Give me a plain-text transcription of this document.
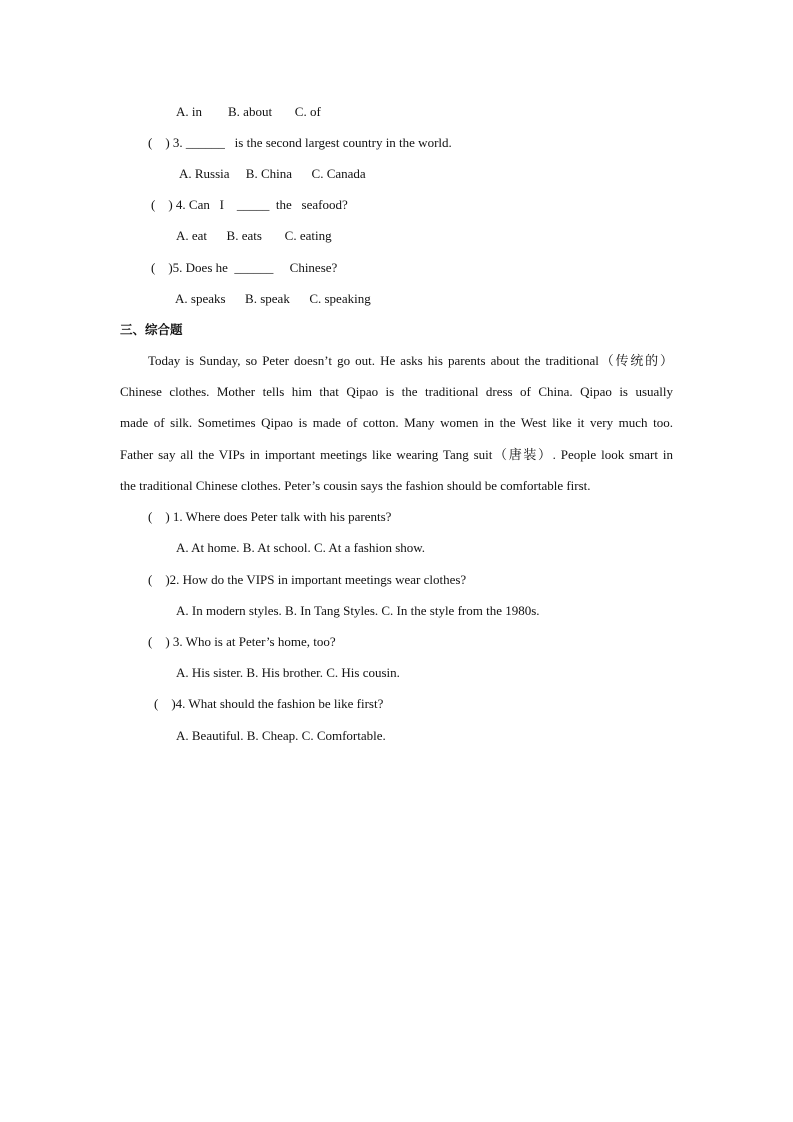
A. in        B. about       C. of
(    ) 3. ______   is the second largest country in the world.
A. Russia     B. China      C. Canada
(    ) 4. Can   I    _____  the   seafood?
A. eat      B. eats       C. eating
(    )5. Does he  ______     Chinese?
A. speaks      B. speak      C. speaking
三、综合题
Today is Sunday, so Peter doesn’t go out. He asks his parents about the traditional（传统的）
Chinese clothes. Mother tells him that Qipao is the traditional dress of China. Qipao is usually
made of silk. Sometimes Qipao is made of cotton. Many women in the West like it very much too.
Father say all the VIPs in important meetings like wearing Tang suit（唐装）. People look smart in
the traditional Chinese clothes. Peter’s cousin says the fashion should be comfortable first.
(    ) 1. Where does Peter talk with his parents?
A. At home. B. At school. C. At a fashion show.
(    )2. How do the VIPS in important meetings wear clothes?
A. In modern styles. B. In Tang Styles. C. In the style from the 1980s.
(    ) 3. Who is at Peter’s home, too?
A. His sister. B. His brother. C. His cousin.
(    )4. What should the fashion be like first?
A. Beautiful. B. Cheap. C. Comfortable.
